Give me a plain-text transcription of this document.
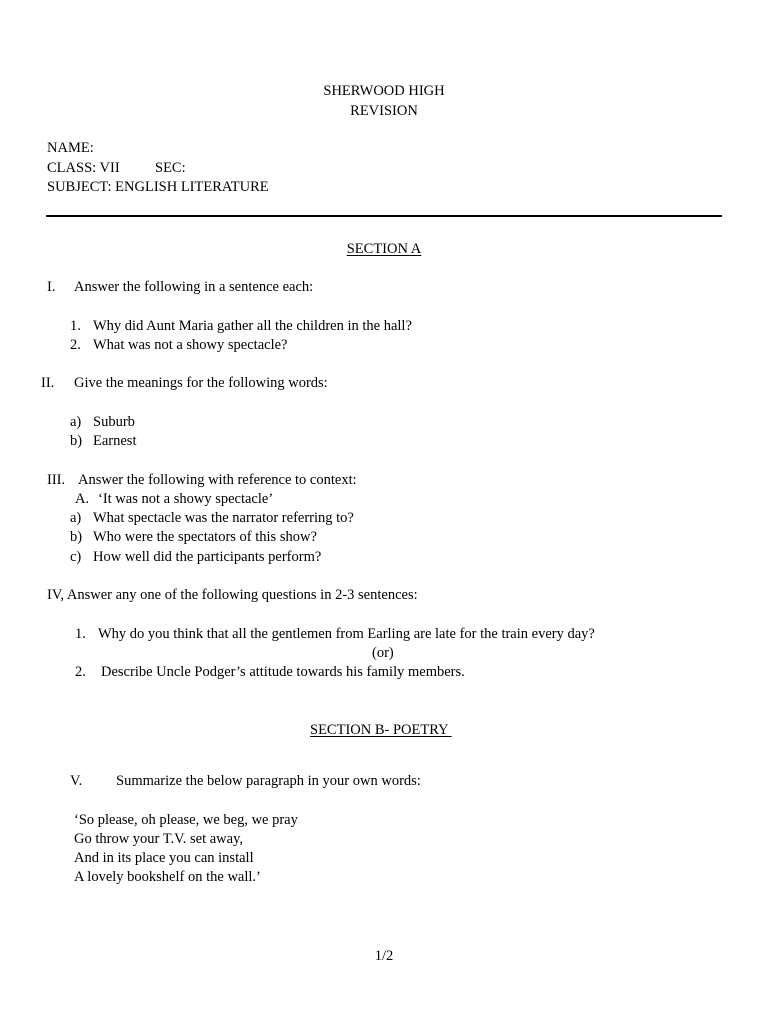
SHERWOOD HIGH
REVISION
NAME:
CLASS: VII SEC:
SUBJECT: ENGLISH LITERATURE
SECTION A
I. Answer the following in a sentence each:
1. Why did Aunt Maria gather all the children in the hall?
2. What was not a showy spectacle?
II. Give the meanings for the following words:
a) Suburb
b) Earnest
III. Answer the following with reference to context:
A. ‘It was not a showy spectacle’
a) What spectacle was the narrator referring to?
b) Who were the spectators of this show?
c) How well did the participants perform?
IV, Answer any one of the following questions in 2-3 sentences:
1. Why do you think that all the gentlemen from Earling are late for the train every day?
(or)
2. Describe Uncle Podger’s attitude towards his family members.
SECTION B- POETRY
V. Summarize the below paragraph in your own words:
‘So please, oh please, we beg, we pray
Go throw your T.V. set away,
And in its place you can install
A lovely bookshelf on the wall.’
1/2
